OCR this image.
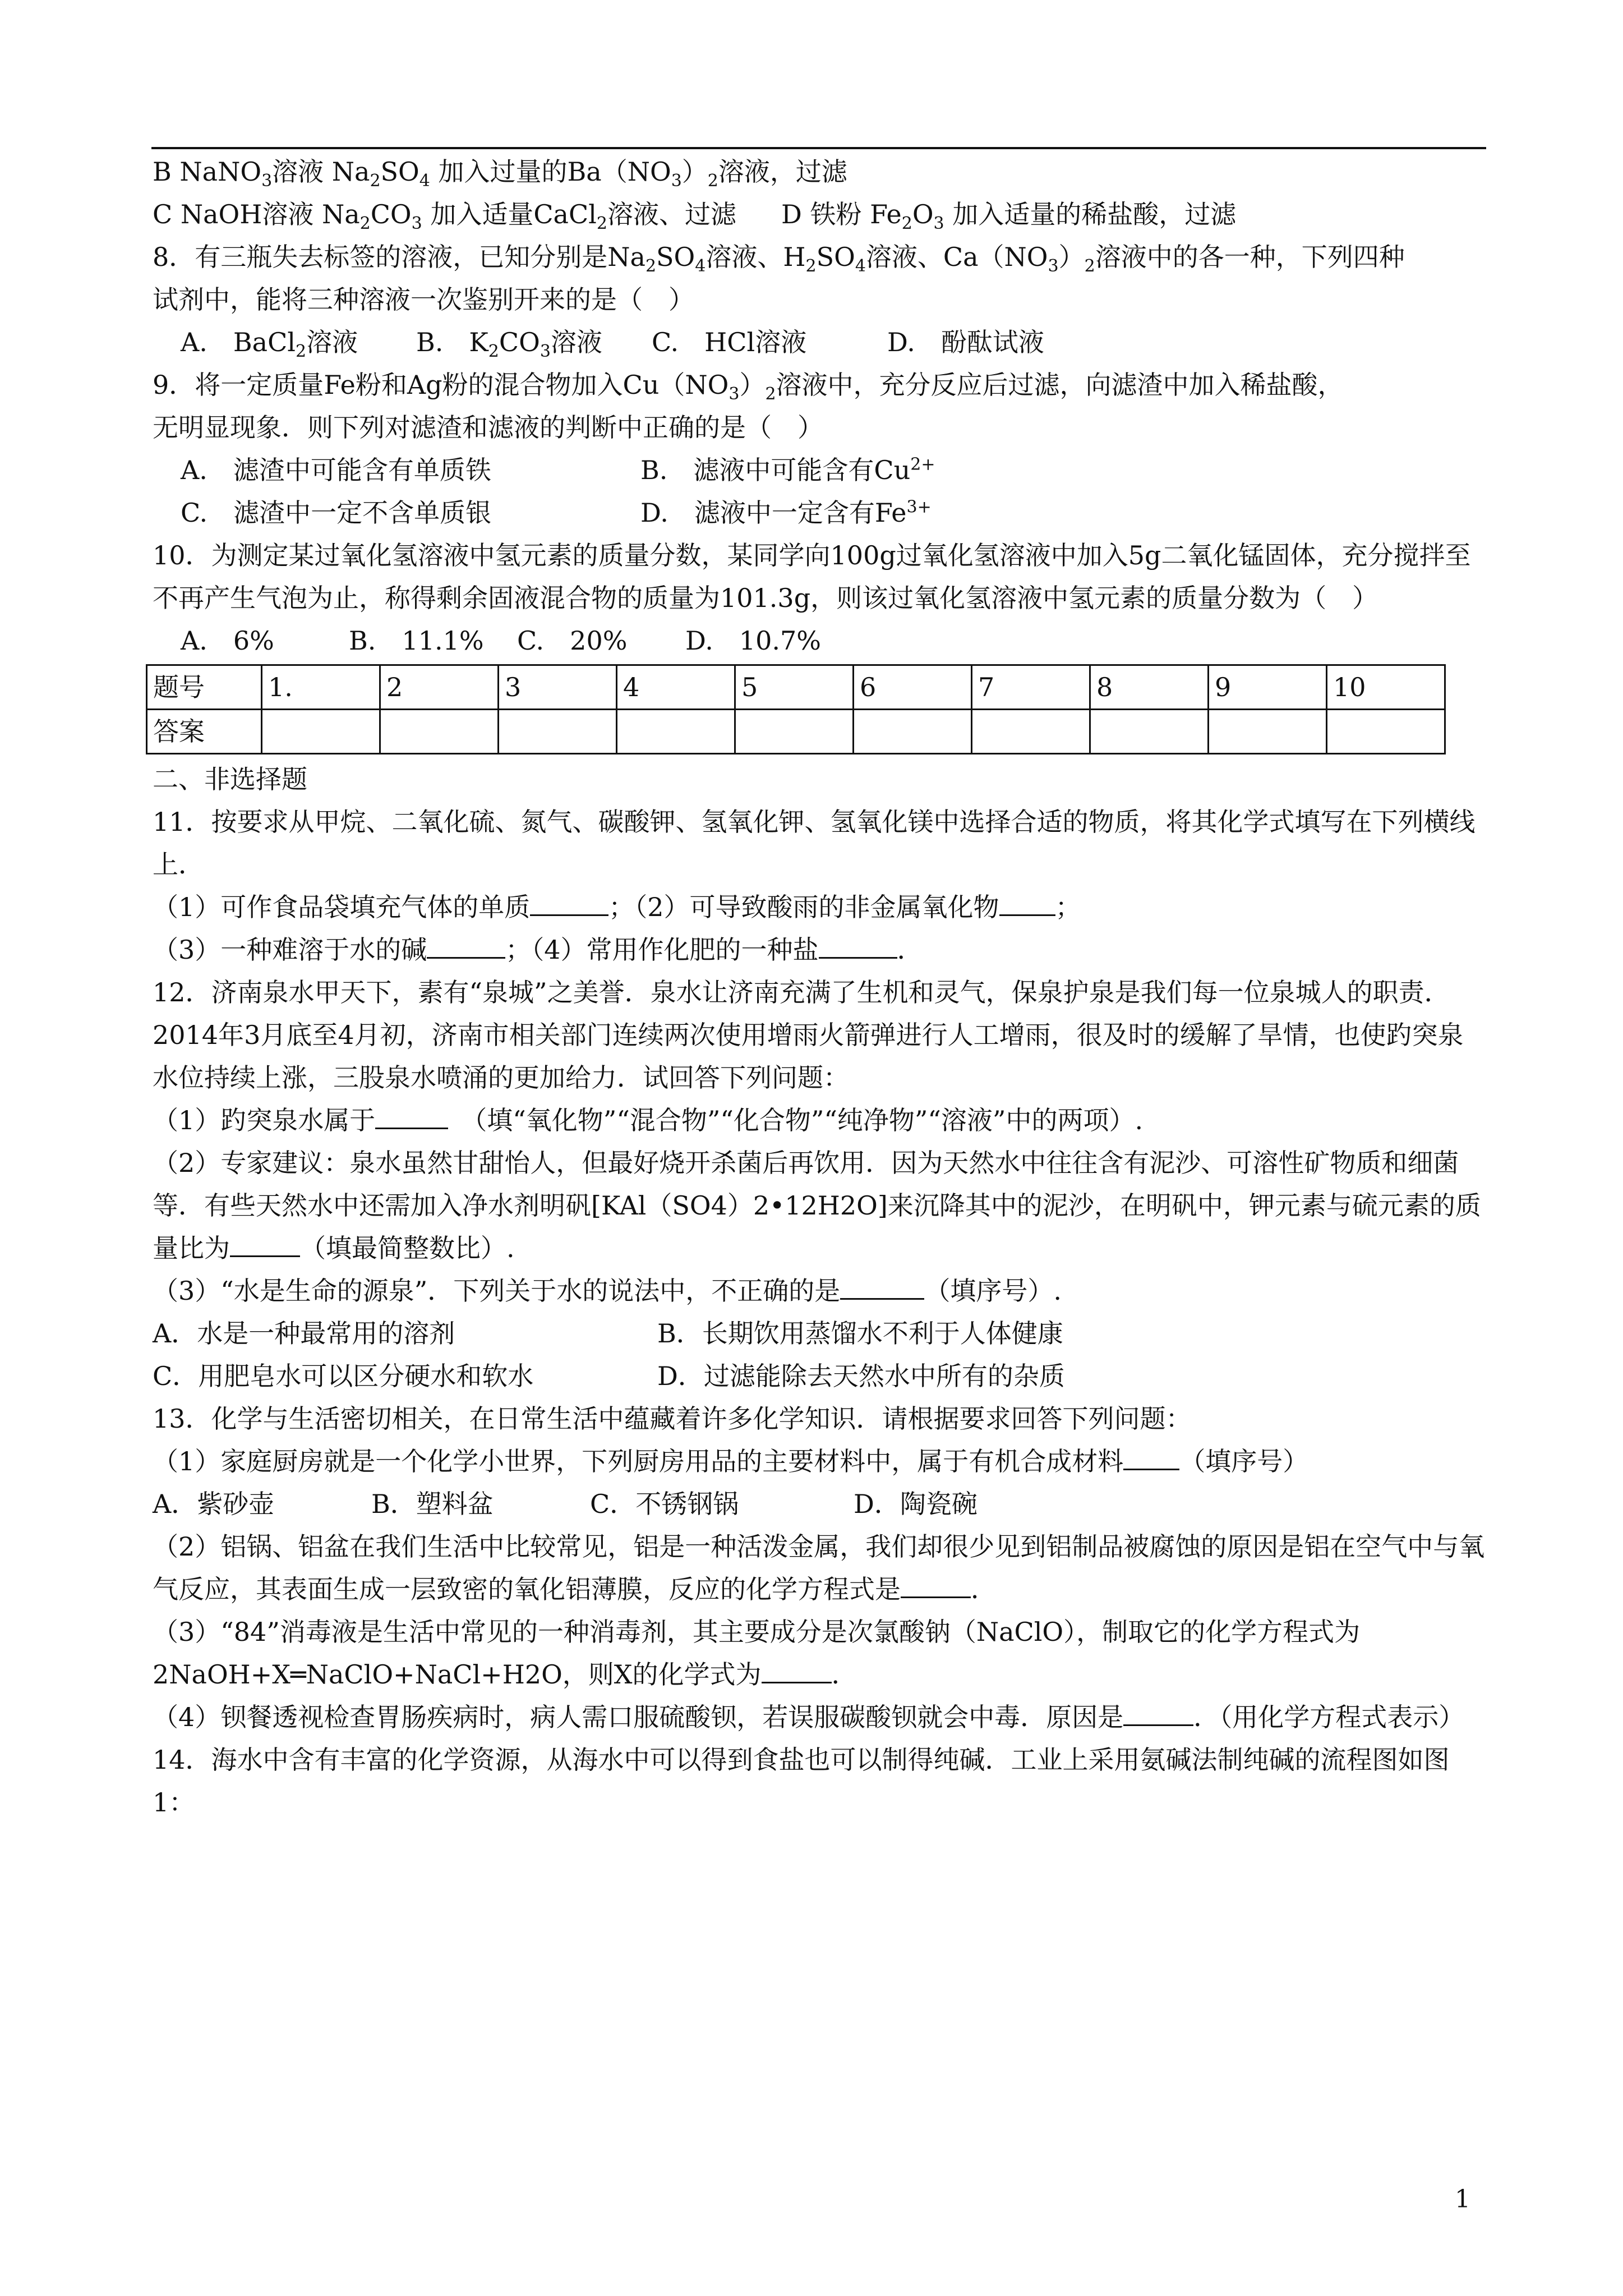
B NaNO$_3$溶液 $Na_2SO_4$ 加入过量的$Ba(NO_3)_2$溶液，过滤
C NaOH溶液 $Na_2CO_3$ 加入适量CaCl$_2$溶液、过滤 D 铁粉 $Fe_2O_3$ 加入适量的稀盐酸，过滤
8．有三瓶失去标签的溶液，已知分别是$Na_2SO_4$溶液、$H_2SO_4$溶液、$Ca(NO_3)_2$溶液中的各一种，下列四种
试剂中，能将三种溶液一次鉴别开来的是（　）
A.　BaCl$_2$溶液 B.　$K_2CO_3$溶液 C.　HCl溶液	D.　酚酞试液
9．将一定质量Fe粉和Ag粉的混合物加入$Cu(NO_3)_2$溶液中，充分反应后过滤，向滤渣中加入稀盐酸，
无明显现象．则下列对滤渣和滤液的判断中正确的是（　）
A.　滤渣中可能含有单质铁	B.　滤液中可能含有$Cu^{2+}$
C.　滤渣中一定不含单质银	D.　滤液中一定含有$Fe^{3+}$
10．为测定某过氧化氢溶液中氢元素的质量分数，某同学向100g过氧化氢溶液中加入5g二氧化锰固体，充分搅拌至不再产生气泡为止，称得剩余固液混合物的质量为101.3g，则该过氧化氢溶液中氢元素的质量分数为（　）
A.　6%	B.　11.1% C.　20% D.　10.7%
题号	1.	2	3	4	5	6	7	8	9	10
答案										
二、非选择题
11．按要求从甲烷、二氧化硫、氮气、碳酸钾、氢氧化钾、氢氧化镁中选择合适的物质，将其化学式填写在下列横线上．
（1）可作食品袋填充气体的单质	；（2）可导致酸雨的非金属氧化物 ；
（3）一种难溶于水的碱	；（4）常用作化肥的一种盐	．
12．济南泉水甲天下，素有“泉城”之美誉．泉水让济南充满了生机和灵气，保泉护泉是我们每一位泉城人的职责．2014年3月底至4月初，济南市相关部门连续两次使用增雨火箭弹进行人工增雨，很及时的缓解了旱情，也使趵突泉水位持续上涨，三股泉水喷涌的更加给力．试回答下列问题：
（1）趵突泉水属于	　（填“氧化物”“混合物”“化合物”“纯净物”“溶液”中的两项）.
（2）专家建议：泉水虽然甘甜怡人，但最好烧开杀菌后再饮用．因为天然水中往往含有泥沙、可溶性矿物质和细菌等．有些天然水中还需加入净水剂明矾[KAl（SO4）2•12H2O]来沉降其中的泥沙，在明矾中，钾元素与硫元素的质量比为	（填最简整数比）.
（3）“水是生命的源泉”．下列关于水的说法中，不正确的是	（填序号）.
A．水是一种最常用的溶剂	B．长期饮用蒸馏水不利于人体健康
C．用肥皂水可以区分硬水和软水	D．过滤能除去天然水中所有的杂质
13．化学与生活密切相关，在日常生活中蕴藏着许多化学知识．请根据要求回答下列问题：
（1）家庭厨房就是一个化学小世界，下列厨房用品的主要材料中，属于有机合成材料 （填序号）
A．紫砂壶	B．塑料盆	C．不锈钢锅	D．陶瓷碗
（2）铝锅、铝盆在我们生活中比较常见，铝是一种活泼金属，我们却很少见到铝制品被腐蚀的原因是铝在空气中与氧气反应，其表面生成一层致密的氧化铝薄膜，反应的化学方程式是	．
（3）“84”消毒液是生活中常见的一种消毒剂，其主要成分是次氯酸钠（NaClO），制取它的化学方程式为2NaOH+X═NaClO+NaCl+H2O，则X的化学式为	．
（4）钡餐透视检查胃肠疾病时，病人需口服硫酸钡，若误服碳酸钡就会中毒．原因是	．（用化学方程式表示）
14．海水中含有丰富的化学资源，从海水中可以得到食盐也可以制得纯碱．工业上采用氨碱法制纯碱的流程图如图1：
1
